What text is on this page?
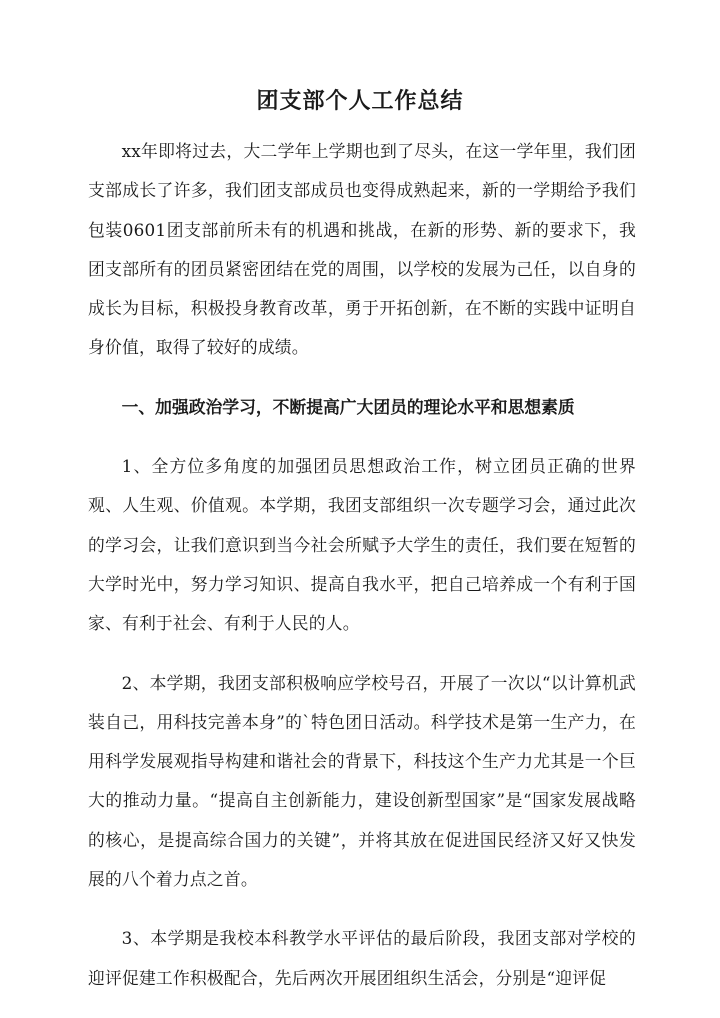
团支部个人工作总结

xx年即将过去，大二学年上学期也到了尽头，在这一学年里，我们团支部成长了许多，我们团支部成员也变得成熟起来，新的一学期给予我们包装0601团支部前所未有的机遇和挑战，在新的形势、新的要求下，我团支部所有的团员紧密团结在党的周围，以学校的发展为己任，以自身的成长为目标，积极投身教育改革，勇于开拓创新，在不断的实践中证明自身价值，取得了较好的成绩。

一、加强政治学习，不断提高广大团员的理论水平和思想素质

1、全方位多角度的加强团员思想政治工作，树立团员正确的世界观、人生观、价值观。本学期，我团支部组织一次专题学习会，通过此次的学习会，让我们意识到当今社会所赋予大学生的责任，我们要在短暂的大学时光中，努力学习知识、提高自我水平，把自己培养成一个有利于国家、有利于社会、有利于人民的人。

2、本学期，我团支部积极响应学校号召，开展了一次以“以计算机武装自己，用科技完善本身”的`特色团日活动。科学技术是第一生产力，在用科学发展观指导构建和谐社会的背景下，科技这个生产力尤其是一个巨大的推动力量。“提高自主创新能力，建设创新型国家”是“国家发展战略的核心，是提高综合国力的关键”，并将其放在促进国民经济又好又快发展的八个着力点之首。

3、本学期是我校本科教学水平评估的最后阶段，我团支部对学校的迎评促建工作积极配合，先后两次开展团组织生活会，分别是“迎评促
